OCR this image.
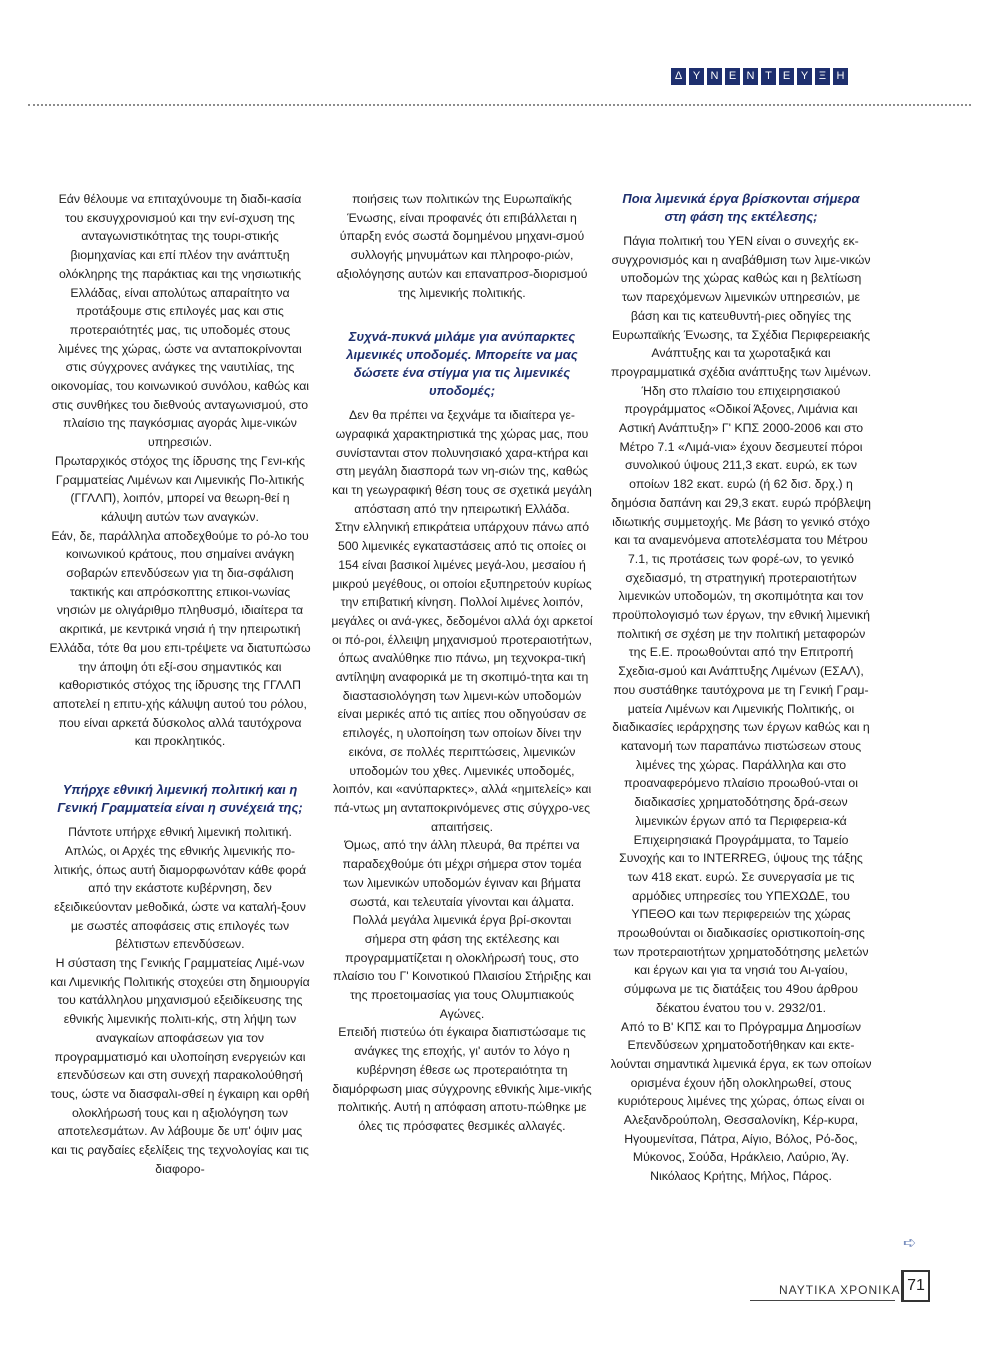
Δ Υ Ν Ε Ν Τ Ε Υ Ξ Η

Εάν θέλουμε να επιταχύνουμε τη διαδι-κασία του εκσυγχρονισμού και την ενί-σχυση της ανταγωνιστικότητας της τουρι-στικής βιομηχανίας και επί πλέον την ανάπτυξη ολόκληρης της παράκτιας και της νησιωτικής Ελλάδας, είναι απολύτως απαραίτητο να προτάξουμε στις επιλογές μας και στις προτεραιότητές μας, τις υποδομές στους λιμένες της χώρας, ώστε να ανταποκρίνονται στις σύγχρονες ανάγκες της ναυτιλίας, της οικονομίας, του κοινωνικού συνόλου, καθώς και στις συνθήκες του διεθνούς ανταγωνισμού, στο πλαίσιο της παγκόσμιας αγοράς λιμε-νικών υπηρεσιών.

Πρωταρχικός στόχος της ίδρυσης της Γενι-κής Γραμματείας Λιμένων και Λιμενικής Πο-λιτικής (ΓΓΛΛΠ), λοιπόν, μπορεί να θεωρη-θεί η κάλυψη αυτών των αναγκών.

Εάν, δε, παράλληλα αποδεχθούμε το ρό-λο του κοινωνικού κράτους, που σημαίνει ανάγκη σοβαρών επενδύσεων για τη δια-σφάλιση τακτικής και απρόσκοπτης επικοι-νωνίας νησιών με ολιγάριθμο πληθυσμό, ιδιαίτερα τα ακριτικά, με κεντρικά νησιά ή την ηπειρωτική Ελλάδα, τότε θα μου επι-τρέψετε να διατυπώσω την άποψη ότι εξί-σου σημαντικός και καθοριστικός στόχος της ίδρυσης της ΓΓΛΛΠ αποτελεί η επιτυ-χής κάλυψη αυτού του ρόλου, που είναι αρκετά δύσκολος αλλά ταυτόχρονα και προκλητικός.

Υπήρχε εθνική λιμενική πολιτική και η Γενική Γραμματεία είναι η συνέχειά της;

Πάντοτε υπήρχε εθνική λιμενική πολιτική. Απλώς, οι Αρχές της εθνικής λιμενικής πο-λιτικής, όπως αυτή διαμορφωνόταν κάθε φορά από την εκάστοτε κυβέρνηση, δεν εξειδικεύονταν μεθοδικά, ώστε να καταλή-ξουν με σωστές αποφάσεις στις επιλογές των βέλτιστων επενδύσεων.

Η σύσταση της Γενικής Γραμματείας Λιμέ-νων και Λιμενικής Πολιτικής στοχεύει στη δημιουργία του κατάλληλου μηχανισμού εξειδίκευσης της εθνικής λιμενικής πολιτι-κής, στη λήψη των αναγκαίων αποφάσεων για τον προγραμματισμό και υλοποίηση ενεργειών και επενδύσεων και στη συνεχή παρακολούθησή τους, ώστε να διασφαλι-σθεί η έγκαιρη και ορθή ολοκλήρωσή τους και η αξιολόγηση των αποτελεσμάτων. Αν λάβουμε δε υπ' όψιν μας και τις ραγδαίες εξελίξεις της τεχνολογίας και τις διαφορο-

ποιήσεις των πολιτικών της Ευρωπαϊκής Ένωσης, είναι προφανές ότι επιβάλλεται η ύπαρξη ενός σωστά δομημένου μηχανι-σμού συλλογής μηνυμάτων και πληροφο-ριών, αξιολόγησης αυτών και επαναπροσ-διορισμού της λιμενικής πολιτικής.

Συχνά-πυκνά μιλάμε για ανύπαρκτες λιμενικές υποδομές. Μπορείτε να μας δώσετε ένα στίγμα για τις λιμενικές υποδομές;

Δεν θα πρέπει να ξεχνάμε τα ιδιαίτερα γε-ωγραφικά χαρακτηριστικά της χώρας μας, που συνίστανται στον πολυνησιακό χαρα-κτήρα και στη μεγάλη διασπορά των νη-σιών της, καθώς και τη γεωγραφική θέση τους σε σχετικά μεγάλη απόσταση από την ηπειρωτική Ελλάδα.

Στην ελληνική επικράτεια υπάρχουν πάνω από 500 λιμενικές εγκαταστάσεις από τις οποίες οι 154 είναι βασικοί λιμένες μεγά-λου, μεσαίου ή μικρού μεγέθους, οι οποίοι εξυπηρετούν κυρίως την επιβατική κίνηση. Πολλοί λιμένες λοιπόν, μεγάλες οι ανά-γκες, δεδομένοι αλλά όχι αρκετοί οι πό-ροι, έλλειψη μηχανισμού προτεραιοτήτων, όπως αναλύθηκε πιο πάνω, μη τεχνοκρα-τική αντίληψη αναφορικά με τη σκοπιμό-τητα και τη διαστασιολόγηση των λιμενι-κών υποδομών είναι μερικές από τις αιτίες που οδηγούσαν σε επιλογές, η υλοποίηση των οποίων δίνει την εικόνα, σε πολλές περιπτώσεις, λιμενικών υποδομών του χθες. Λιμενικές υποδομές, λοιπόν, και «ανύπαρκτες», αλλά «ημιτελείς» και πά-ντως μη ανταποκρινόμενες στις σύγχρο-νες απαιτήσεις.

Όμως, από την άλλη πλευρά, θα πρέπει να παραδεχθούμε ότι μέχρι σήμερα στον τομέα των λιμενικών υποδομών έγιναν και βήματα σωστά, και τελευταία γίνονται και άλματα. Πολλά μεγάλα λιμενικά έργα βρί-σκονται σήμερα στη φάση της εκτέλεσης και προγραμματίζεται η ολοκλήρωσή τους, στο πλαίσιο του Γ' Κοινοτικού Πλαισίου Στήριξης και της προετοιμασίας για τους Ολυμπιακούς Αγώνες.

Επειδή πιστεύω ότι έγκαιρα διαπιστώσαμε τις ανάγκες της εποχής, γι' αυτόν το λόγο η κυβέρνηση έθεσε ως προτεραιότητα τη διαμόρφωση μιας σύγχρονης εθνικής λιμε-νικής πολιτικής. Αυτή η απόφαση αποτυ-πώθηκε με όλες τις πρόσφατες θεσμικές αλλαγές.

Ποια λιμενικά έργα βρίσκονται σήμερα στη φάση της εκτέλεσης;

Πάγια πολιτική του ΥΕΝ είναι ο συνεχής εκ-συγχρονισμός και η αναβάθμιση των λιμε-νικών υποδομών της χώρας καθώς και η βελτίωση των παρεχόμενων λιμενικών υπηρεσιών, με βάση και τις κατευθυντή-ριες οδηγίες της Ευρωπαϊκής Ένωσης, τα Σχέδια Περιφερειακής Ανάπτυξης και τα χωροταξικά και προγραμματικά σχέδια ανάπτυξης των λιμένων. Ήδη στο πλαίσιο του επιχειρησιακού προγράμματος «Οδικοί Άξονες, Λιμάνια και Αστική Ανάπτυξη» Γ' ΚΠΣ 2000-2006 και στο Μέτρο 7.1 «Λιμά-νια» έχουν δεσμευτεί πόροι συνολικού ύψους 211,3 εκατ. ευρώ, εκ των οποίων 182 εκατ. ευρώ (ή 62 δισ. δρχ.) η δημόσια δαπάνη και 29,3 εκατ. ευρώ πρόβλεψη ιδιωτικής συμμετοχής. Με βάση το γενικό στόχο και τα αναμενόμενα αποτελέσματα του Μέτρου 7.1, τις προτάσεις των φορέ-ων, το γενικό σχεδιασμό, τη στρατηγική προτεραιοτήτων λιμενικών υποδομών, τη σκοπιμότητα και τον προϋπολογισμό των έργων, την εθνική λιμενική πολιτική σε σχέση με την πολιτική μεταφορών της Ε.Ε. προωθούνται από την Επιτροπή Σχεδια-σμού και Ανάπτυξης Λιμένων (ΕΣΑΛ), που συστάθηκε ταυτόχρονα με τη Γενική Γραμ-ματεία Λιμένων και Λιμενικής Πολιτικής, οι διαδικασίες ιεράρχησης των έργων καθώς και η κατανομή των παραπάνω πιστώσεων στους λιμένες της χώρας. Παράλληλα και στο προαναφερόμενο πλαίσιο προωθού-νται οι διαδικασίες χρηματοδότησης δρά-σεων λιμενικών έργων από τα Περιφερεια-κά Επιχειρησιακά Προγράμματα, το Ταμείο Συνοχής και το INTERREG, ύψους της τάξης των 418 εκατ. ευρώ. Σε συνεργασία με τις αρμόδιες υπηρεσίες του ΥΠΕΧΩΔΕ, του ΥΠΕΘΟ και των περιφερειών της χώρας προωθούνται οι διαδικασίες οριστικοποίη-σης των προτεραιοτήτων χρηματοδότησης μελετών και έργων και για τα νησιά του Αι-γαίου, σύμφωνα με τις διατάξεις του 49ου άρθρου δέκατου ένατου του ν. 2932/01.

Από το Β' ΚΠΣ και το Πρόγραμμα Δημοσίων Επενδύσεων χρηματοδοτήθηκαν και εκτε-λούνται σημαντικά λιμενικά έργα, εκ των οποίων ορισμένα έχουν ήδη ολοκληρωθεί, στους κυριότερους λιμένες της χώρας, όπως είναι οι Αλεξανδρούπολη, Θεσσαλονίκη, Κέρ-κυρα, Ηγουμενίτσα, Πάτρα, Αίγιο, Βόλος, Ρό-δος, Μύκονος, Σούδα, Ηράκλειο, Λαύριο, Άγ. Νικόλαος Κρήτης, Μήλος, Πάρος.

➪
ΝΑΥΤΙΚΑ ΧΡΟΝΙΚΑ 71
